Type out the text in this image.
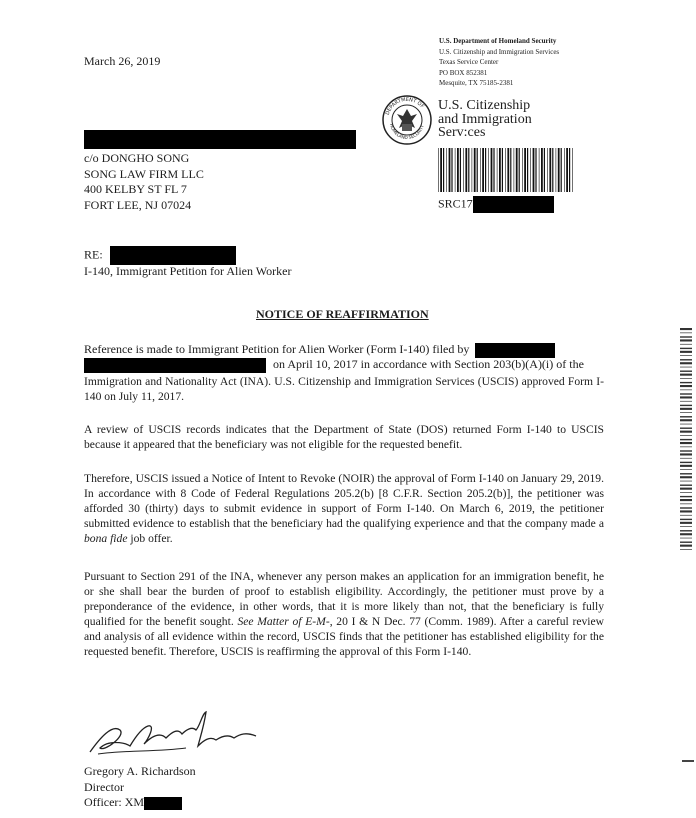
March 26, 2019
U.S. Department of Homeland Security
U.S. Citizenship and Immigration Services
Texas Service Center
PO BOX 852381
Mesquite, TX 75185-2381
DEPARTMENT OF
HOMELAND SECURITY
U.S. Citizenship
and Immigration
Serv:ces
SRC17
c/o DONGHO SONG
SONG LAW FIRM LLC
400 KELBY ST FL 7
FORT LEE, NJ 07024
RE:
I-140, Immigrant Petition for Alien Worker
NOTICE OF REAFFIRMATION
Reference is made to Immigrant Petition for Alien Worker (Form I-140) filed by
on April 10, 2017 in accordance with Section 203(b)(A)(i) of the
Immigration and Nationality Act (INA). U.S. Citizenship and Immigration Services (USCIS) approved Form I-140 on July 11, 2017.
A review of USCIS records indicates that the Department of State (DOS) returned Form I-140 to USCIS because it appeared that the beneficiary was not eligible for the requested benefit.
Therefore, USCIS issued a Notice of Intent to Revoke (NOIR) the approval of Form I-140 on January 29, 2019. In accordance with 8 Code of Federal Regulations 205.2(b) [8 C.F.R. Section 205.2(b)], the petitioner was afforded 30 (thirty) days to submit evidence in support of Form I-140. On March 6, 2019, the petitioner submitted evidence to establish that the beneficiary had the qualifying experience and that the company made a bona fide job offer.
Pursuant to Section 291 of the INA, whenever any person makes an application for an immigration benefit, he or she shall bear the burden of proof to establish eligibility. Accordingly, the petitioner must prove by a preponderance of the evidence, in other words, that it is more likely than not, that the beneficiary is fully qualified for the benefit sought. See Matter of E-M-, 20 I & N Dec. 77 (Comm. 1989). After a careful review and analysis of all evidence within the record, USCIS finds that the petitioner has established eligibility for the requested benefit. Therefore, USCIS is reaffirming the approval of this Form I-140.
Gregory A. Richardson
Director
Officer: XM
